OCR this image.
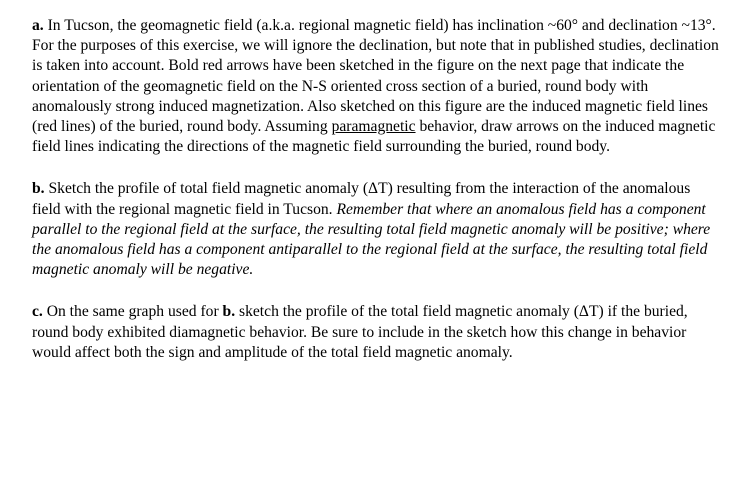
a. In Tucson, the geomagnetic field (a.k.a. regional magnetic field) has inclination ~60° and declination ~13°. For the purposes of this exercise, we will ignore the declination, but note that in published studies, declination is taken into account. Bold red arrows have been sketched in the figure on the next page that indicate the orientation of the geomagnetic field on the N-S oriented cross section of a buried, round body with anomalously strong induced magnetization. Also sketched on this figure are the induced magnetic field lines (red lines) of the buried, round body. Assuming paramagnetic behavior, draw arrows on the induced magnetic field lines indicating the directions of the magnetic field surrounding the buried, round body.

b. Sketch the profile of total field magnetic anomaly (ΔT) resulting from the interaction of the anomalous field with the regional magnetic field in Tucson. Remember that where an anomalous field has a component parallel to the regional field at the surface, the resulting total field magnetic anomaly will be positive; where the anomalous field has a component antiparallel to the regional field at the surface, the resulting total field magnetic anomaly will be negative.

c. On the same graph used for b. sketch the profile of the total field magnetic anomaly (ΔT) if the buried, round body exhibited diamagnetic behavior. Be sure to include in the sketch how this change in behavior would affect both the sign and amplitude of the total field magnetic anomaly.
